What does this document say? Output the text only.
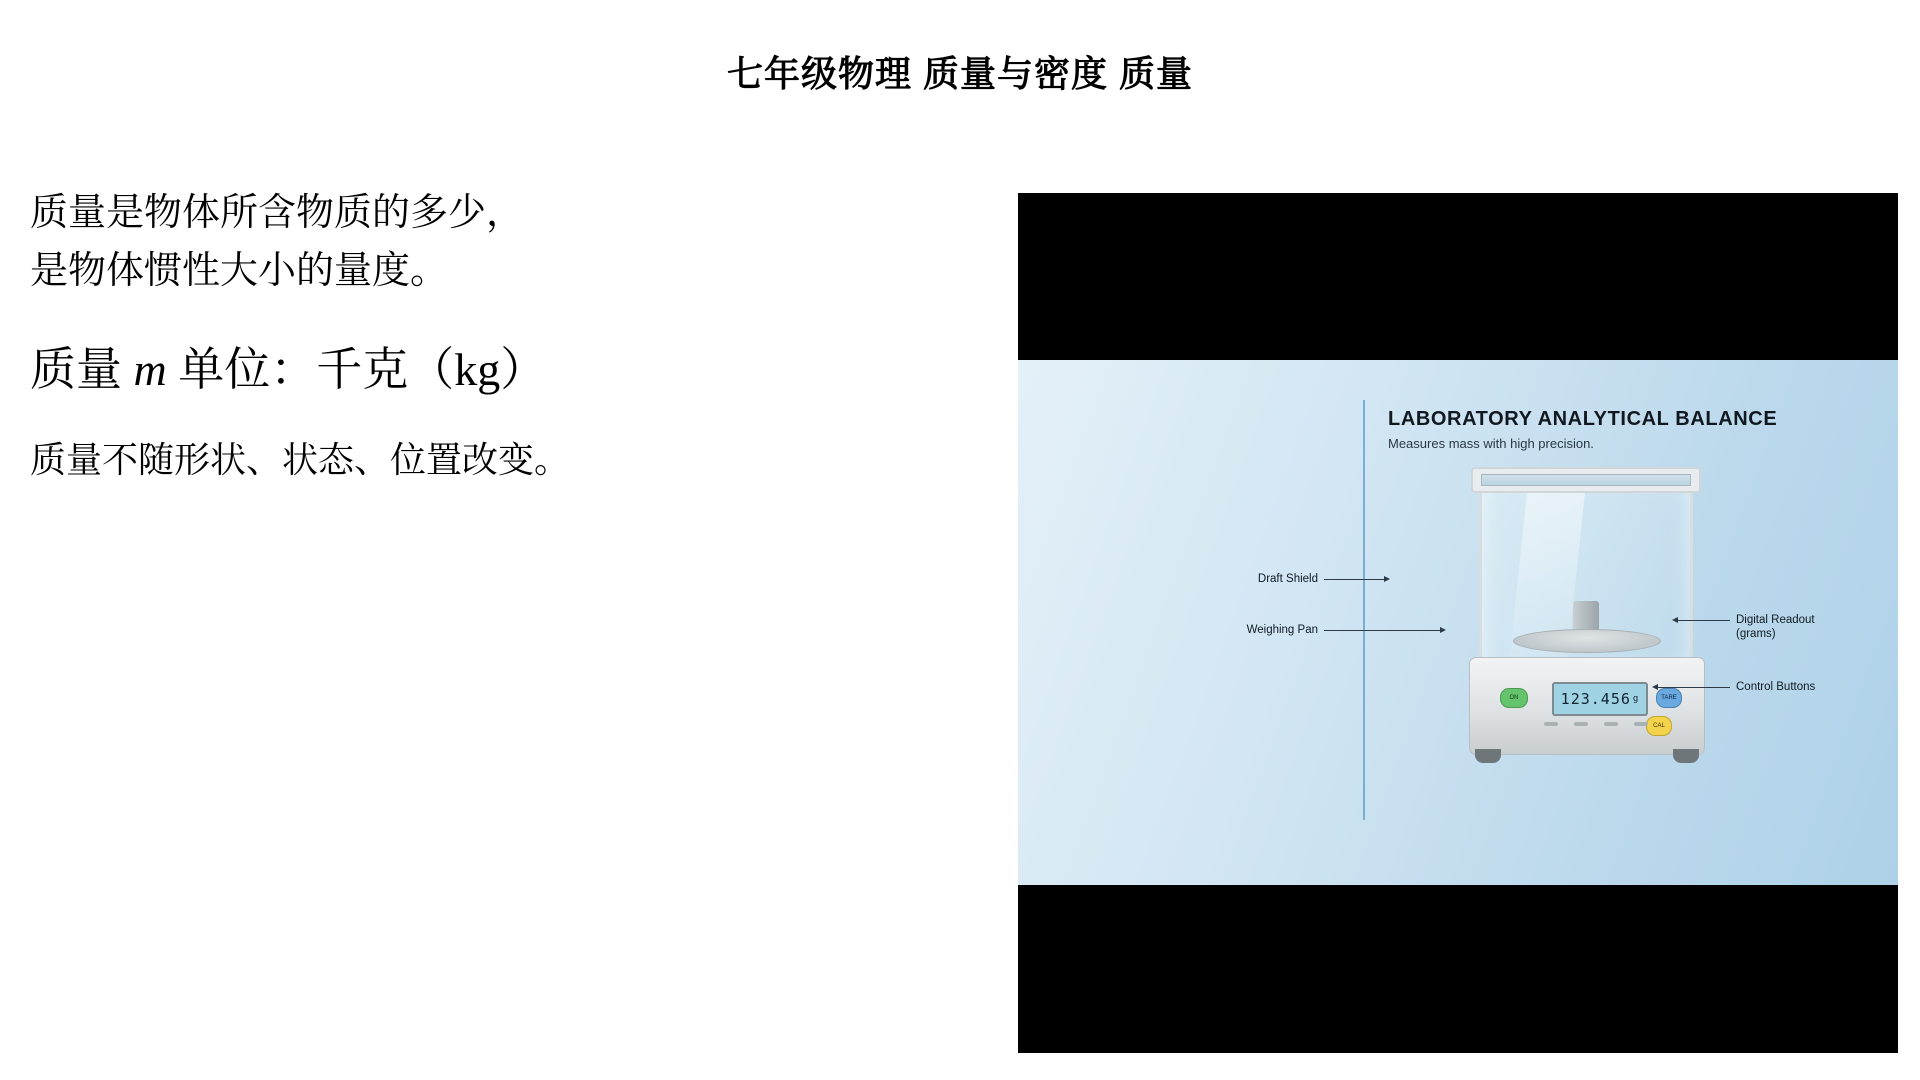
七年级物理 质量与密度 质量
质量是物体所含物质的多少，
是物体惯性大小的量度。
质量 m 单位：千克（kg）
质量不随形状、状态、位置改变。
LABORATORY ANALYTICAL BALANCE
Measures mass with high precision.
123.456 g
ON	TARE
CAL
Draft Shield
Weighing Pan
Digital Readout
(grams)
Control Buttons
